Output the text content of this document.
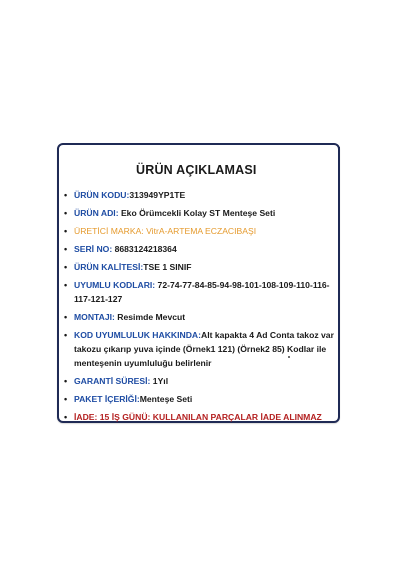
ÜRÜN AÇIKLAMASI
• ÜRÜN KODU:313949YP1TE
• ÜRÜN ADI: Eko Örümcekli Kolay ST Menteşe Seti
• ÜRETİCİ MARKA: VitrA-ARTEMA ECZACIBAŞI
• SERİ NO: 8683124218364
• ÜRÜN KALİTESİ:TSE 1 SINIF
• UYUMLU KODLARI: 72-74-77-84-85-94-98-101-108-109-110-116-117-121-127
• MONTAJI: Resimde Mevcut
• KOD UYUMLULUK HAKKINDA:Alt kapakta 4 Ad Conta takoz var takozu çıkarıp yuva içinde (Örnek1 121) (Örnek2 85) Kodlar ile menteşenin uyumluluğu belirlenir
• GARANTİ SÜRESİ: 1Yıl
• PAKET İÇERİĞİ:Menteşe Seti
• İADE: 15 İŞ GÜNÜ: KULLANILAN PARÇALAR İADE ALINMAZ
